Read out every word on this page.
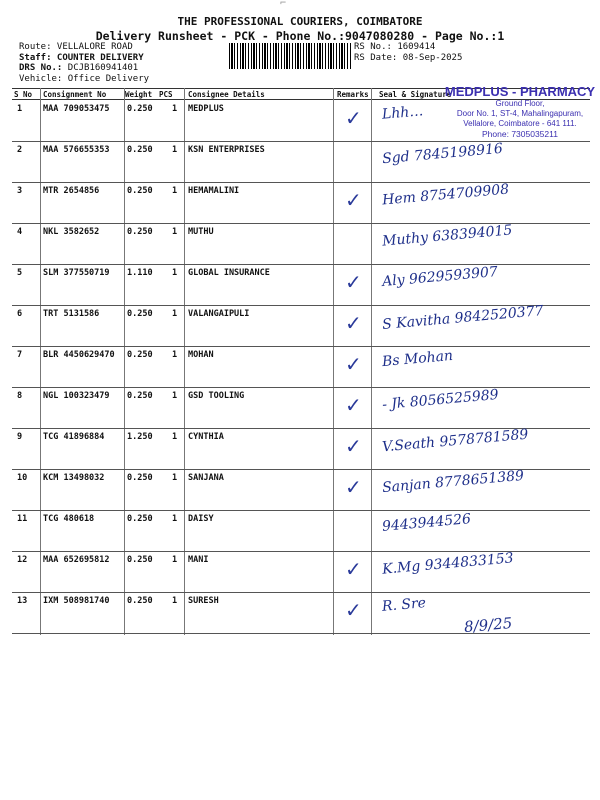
⌐
THE PROFESSIONAL COURIERS, COIMBATORE
Delivery Runsheet - PCK - Phone No.:9047080280 - Page No.:1
Route: VELLALORE ROAD
Staff: COUNTER DELIVERY
DRS No.: DCJB160941401
Vehicle: Office Delivery
RS No.: 1609414
RS Date: 08-Sep-2025
S No Consignment No	Weight PCS Consignee Details	Remarks Seal & Signature
1 MAA 709053475 0.250 1 MEDPLUS	✓ Lhh…
2 MAA 576655353 0.250 1 KSN ENTERPRISES	Sgd 7845198916
3 MTR 2654856	0.250 1 HEMAMALINI	✓ Hem 8754709908
4 NKL 3582652	0.250 1 MUTHU	Muthy 638394015
5 SLM 377550719 1.110 1 GLOBAL INSURANCE	✓ Aly 9629593907
6 TRT 5131586	0.250 1 VALANGAIPULI	✓ S Kavitha 9842520377
7 BLR 4450629470 0.250 1 MOHAN	✓ Bs Mohan
8 NGL 100323479 0.250 1 GSD TOOLING	✓ - Jk 8056525989
9 TCG 41896884	1.250 1 CYNTHIA	✓ V.Seath 9578781589
10 KCM 13498032	0.250 1 SANJANA	✓ Sanjan 8778651389
11 TCG 480618	0.250 1 DAISY	9443944526
12 MAA 652695812 0.250 1 MANI	✓ K.Mg 9344833153
13 IXM 508981740 0.250 1 SURESH	✓ R. Sre
MEDPLUS - PHARMACY
Ground Floor,
Door No. 1, ST-4, Mahalingapuram,
Vellalore, Coimbatore - 641 111.
Phone: 7305035211
8/9/25
